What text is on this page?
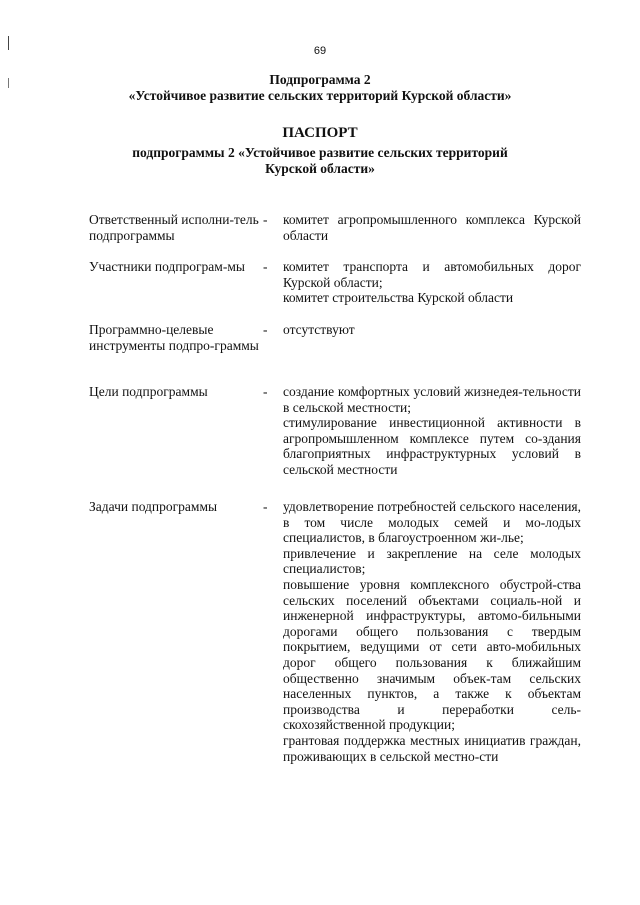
69
Подпрограмма 2
«Устойчивое развитие сельских территорий Курской области»
ПАСПОРТ
подпрограммы 2 «Устойчивое развитие сельских территорий
Курской области»
Ответственный исполни-тель подпрограммы
- комитет агропромышленного комплекса Курской области

Участники подпрограм-мы	- комитет транспорта и автомобильных дорог Курской области;

комитет строительства Курской области

Программно-целевые инструменты подпро-граммы
- отсутствуют

Цели подпрограммы	- создание комфортных условий жизнедея-тельности в сельской местности;

стимулирование инвестиционной активности в агропромышленном комплексе путем со-здания благоприятных инфраструктурных условий в сельской местности

Задачи подпрограммы	- удовлетворение потребностей сельского населения, в том числе молодых семей и мо-лодых специалистов, в благоустроенном жи-лье;

привлечение и закрепление на селе молодых специалистов;

повышение уровня комплексного обустрой-ства сельских поселений объектами социаль-ной и инженерной инфраструктуры, автомо-бильными дорогами общего пользования с твердым покрытием, ведущими от сети авто-мобильных дорог общего пользования к ближайшим общественно значимым объек-там сельских населенных пунктов, а также к объектам производства и переработки сель-скохозяйственной продукции;

грантовая поддержка местных инициатив граждан, проживающих в сельской местно-сти
